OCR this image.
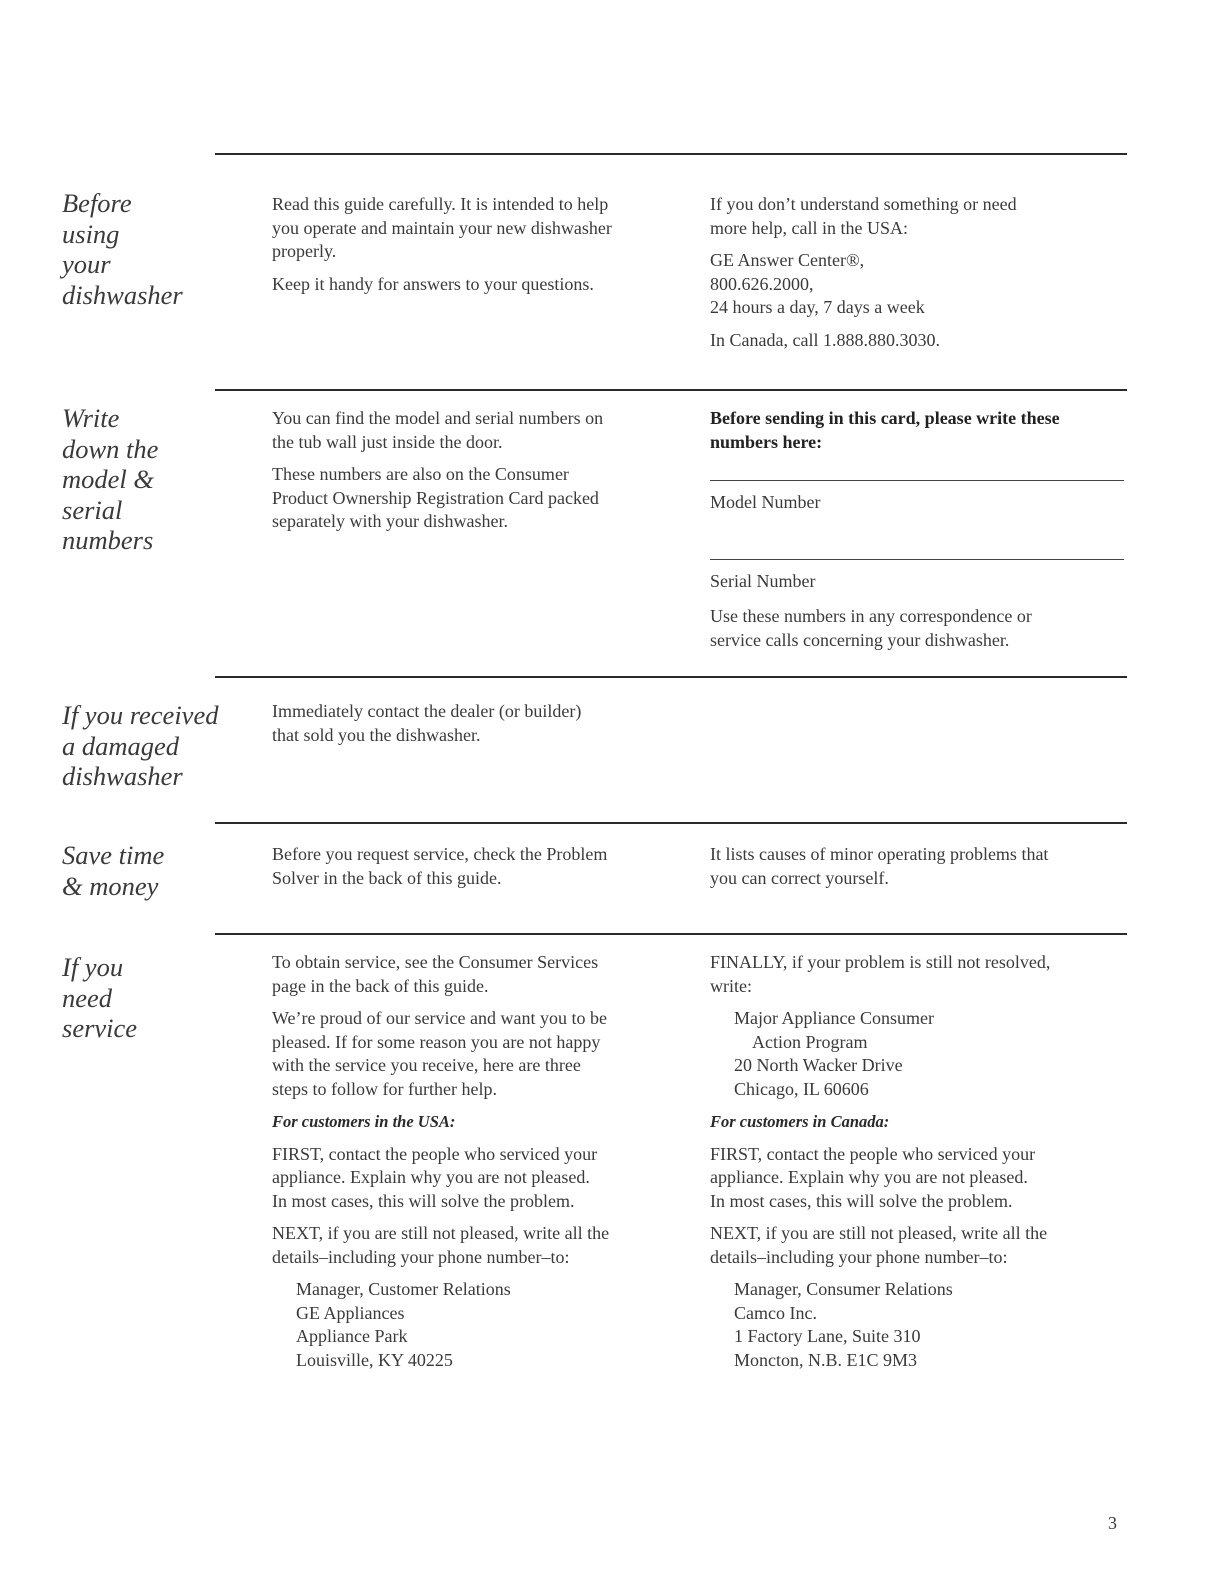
Before
using
your
dishwasher

Read this guide carefully. It is intended to help
you operate and maintain your new dishwasher
properly.

Keep it handy for answers to your questions.

If you don’t understand something or need
more help, call in the USA:

GE Answer Center®,
800.626.2000,
24 hours a day, 7 days a week

In Canada, call 1.888.880.3030.

Write
down the
model &
serial
numbers

You can find the model and serial numbers on
the tub wall just inside the door.

These numbers are also on the Consumer
Product Ownership Registration Card packed
separately with your dishwasher.

Before sending in this card, please write these
numbers here:

Model Number

Serial Number

Use these numbers in any correspondence or
service calls concerning your dishwasher.

If you received
a damaged
dishwasher

Immediately contact the dealer (or builder)
that sold you the dishwasher.

Save time
& money

Before you request service, check the Problem
Solver in the back of this guide.

It lists causes of minor operating problems that
you can correct yourself.

If you
need
service

To obtain service, see the Consumer Services
page in the back of this guide.

We’re proud of our service and want you to be
pleased. If for some reason you are not happy
with the service you receive, here are three
steps to follow for further help.

For customers in the USA:

FIRST, contact the people who serviced your
appliance. Explain why you are not pleased.
In most cases, this will solve the problem.

NEXT, if you are still not pleased, write all the
details–including your phone number–to:

Manager, Customer Relations
GE Appliances
Appliance Park
Louisville, KY 40225

FINALLY, if your problem is still not resolved,
write:

Major Appliance Consumer
Action Program
20 North Wacker Drive
Chicago, IL 60606

For customers in Canada:

FIRST, contact the people who serviced your
appliance. Explain why you are not pleased.
In most cases, this will solve the problem.

NEXT, if you are still not pleased, write all the
details–including your phone number–to:

Manager, Consumer Relations
Camco Inc.
1 Factory Lane, Suite 310
Moncton, N.B. E1C 9M3

3
